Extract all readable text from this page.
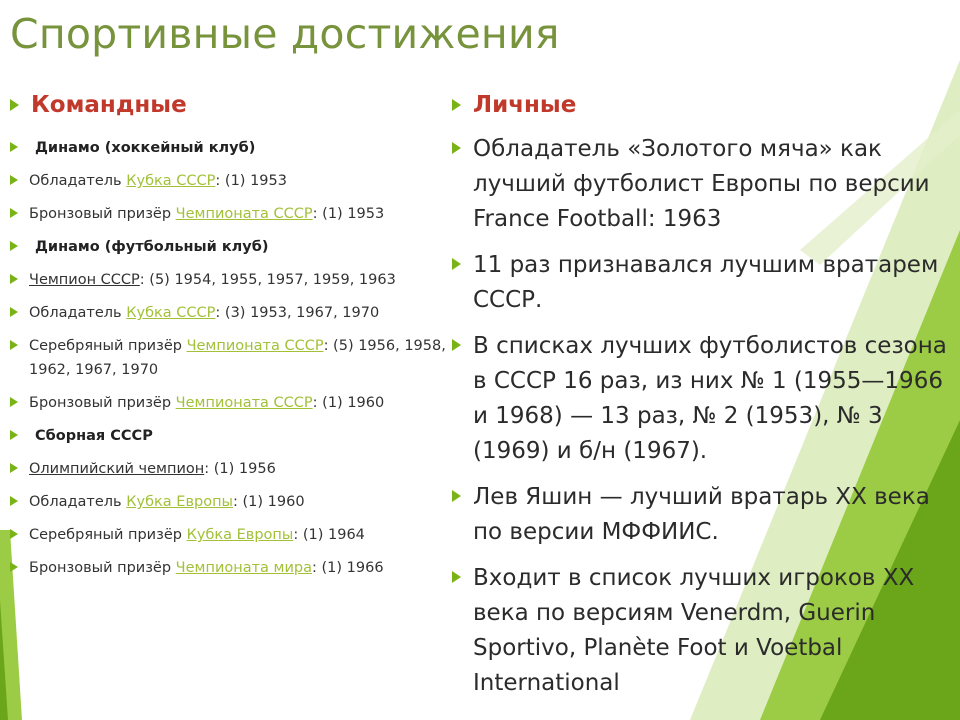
Спортивные достижения
Командные
Динамо (хоккейный клуб)
Обладатель Кубка СССР: (1) 1953
Бронзовый призёр Чемпионата СССР: (1) 1953
Динамо (футбольный клуб)
Чемпион СССР: (5) 1954, 1955, 1957, 1959, 1963
Обладатель Кубка СССР: (3) 1953, 1967, 1970
Серебряный призёр Чемпионата СССР: (5) 1956, 1958, 1962, 1967, 1970
Бронзовый призёр Чемпионата СССР: (1) 1960
Сборная СССР
Олимпийский чемпион: (1) 1956
Обладатель Кубка Европы: (1) 1960
Серебряный призёр Кубка Европы: (1) 1964
Бронзовый призёр Чемпионата мира: (1) 1966
Личные
Обладатель «Золотого мяча» как лучший футболист Европы по версии France Football: 1963
11 раз признавался лучшим вратарем СССР.
В списках лучших футболистов сезона в СССР 16 раз, из них № 1 (1955—1966 и 1968) — 13 раз, № 2 (1953), № 3 (1969) и б/н (1967).
Лев Яшин — лучший вратарь XX века по версии МФФИИС.
Входит в список лучших игроков XX века по версиям Venerdm, Guerin Sportivo, Planète Foot и Voetbal International
